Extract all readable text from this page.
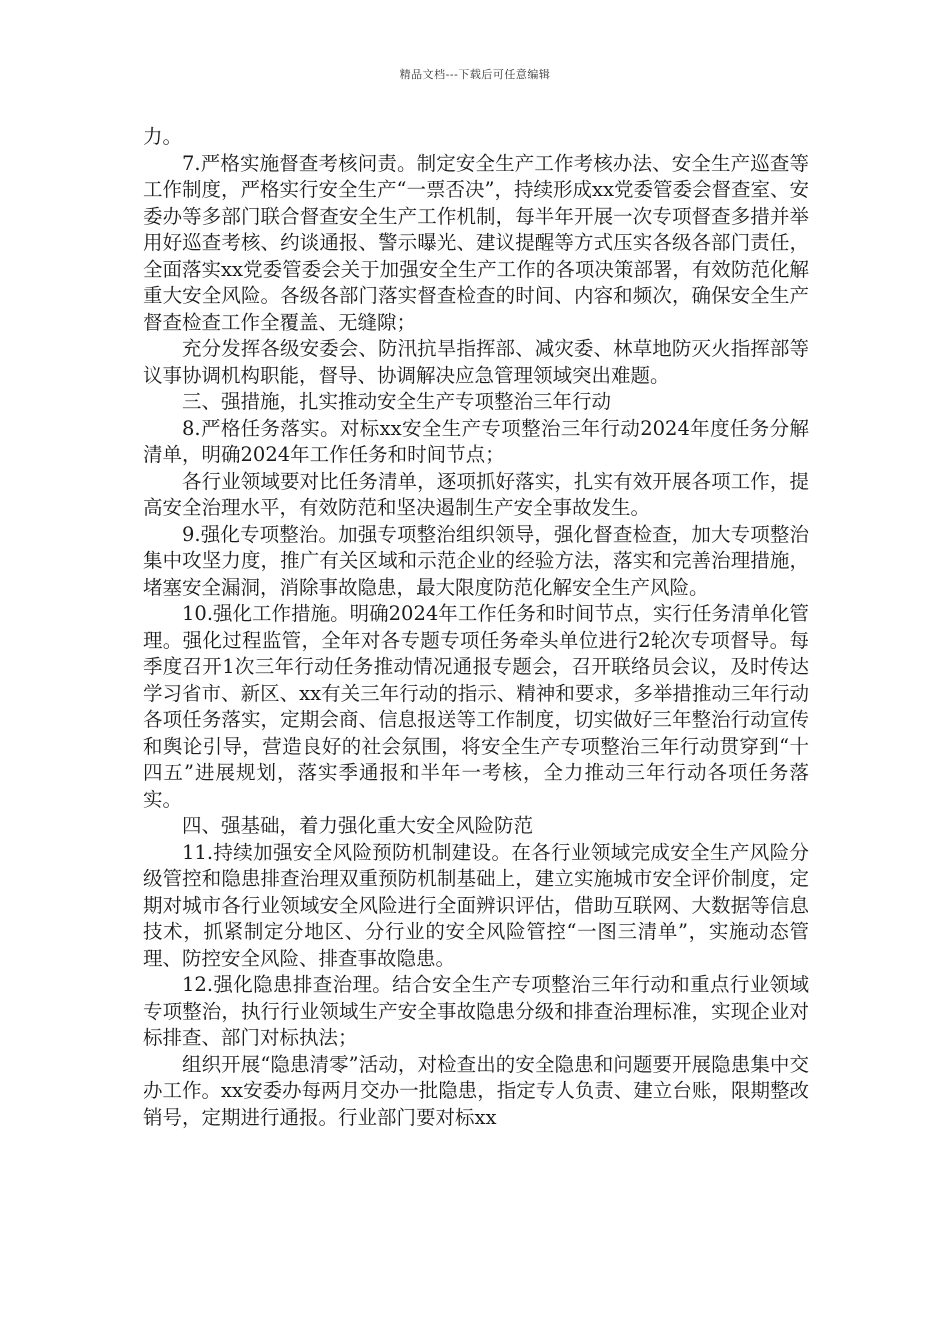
精品文档---下载后可任意编辑

力。

7.严格实施督查考核问责。制定安全生产工作考核办法、安全生产巡查等工作制度，严格实行安全生产“一票否决”，持续形成xx党委管委会督查室、安委办等多部门联合督查安全生产工作机制，每半年开展一次专项督查多措并举用好巡查考核、约谈通报、警示曝光、建议提醒等方式压实各级各部门责任，全面落实xx党委管委会关于加强安全生产工作的各项决策部署，有效防范化解重大安全风险。各级各部门落实督查检查的时间、内容和频次，确保安全生产督查检查工作全覆盖、无缝隙；

充分发挥各级安委会、防汛抗旱指挥部、减灾委、林草地防灭火指挥部等议事协调机构职能，督导、协调解决应急管理领域突出难题。

三、强措施，扎实推动安全生产专项整治三年行动

8.严格任务落实。对标xx安全生产专项整治三年行动2024年度任务分解清单，明确2024年工作任务和时间节点；

各行业领域要对比任务清单，逐项抓好落实，扎实有效开展各项工作，提高安全治理水平，有效防范和坚决遏制生产安全事故发生。

9.强化专项整治。加强专项整治组织领导，强化督查检查，加大专项整治集中攻坚力度，推广有关区域和示范企业的经验方法，落实和完善治理措施，堵塞安全漏洞，消除事故隐患，最大限度防范化解安全生产风险。

10.强化工作措施。明确2024年工作任务和时间节点，实行任务清单化管理。强化过程监管，全年对各专题专项任务牵头单位进行2轮次专项督导。每季度召开1次三年行动任务推动情况通报专题会，召开联络员会议，及时传达学习省市、新区、xx有关三年行动的指示、精神和要求，多举措推动三年行动各项任务落实，定期会商、信息报送等工作制度，切实做好三年整治行动宣传和舆论引导，营造良好的社会氛围，将安全生产专项整治三年行动贯穿到“十四五”进展规划，落实季通报和半年一考核，全力推动三年行动各项任务落实。

四、强基础，着力强化重大安全风险防范

11.持续加强安全风险预防机制建设。在各行业领域完成安全生产风险分级管控和隐患排查治理双重预防机制基础上，建立实施城市安全评价制度，定期对城市各行业领域安全风险进行全面辨识评估，借助互联网、大数据等信息技术，抓紧制定分地区、分行业的安全风险管控“一图三清单”，实施动态管理、防控安全风险、排查事故隐患。

12.强化隐患排查治理。结合安全生产专项整治三年行动和重点行业领域专项整治，执行行业领域生产安全事故隐患分级和排查治理标准，实现企业对标排查、部门对标执法；

组织开展“隐患清零”活动，对检查出的安全隐患和问题要开展隐患集中交办工作。xx安委办每两月交办一批隐患，指定专人负责、建立台账，限期整改销号，定期进行通报。行业部门要对标xx
